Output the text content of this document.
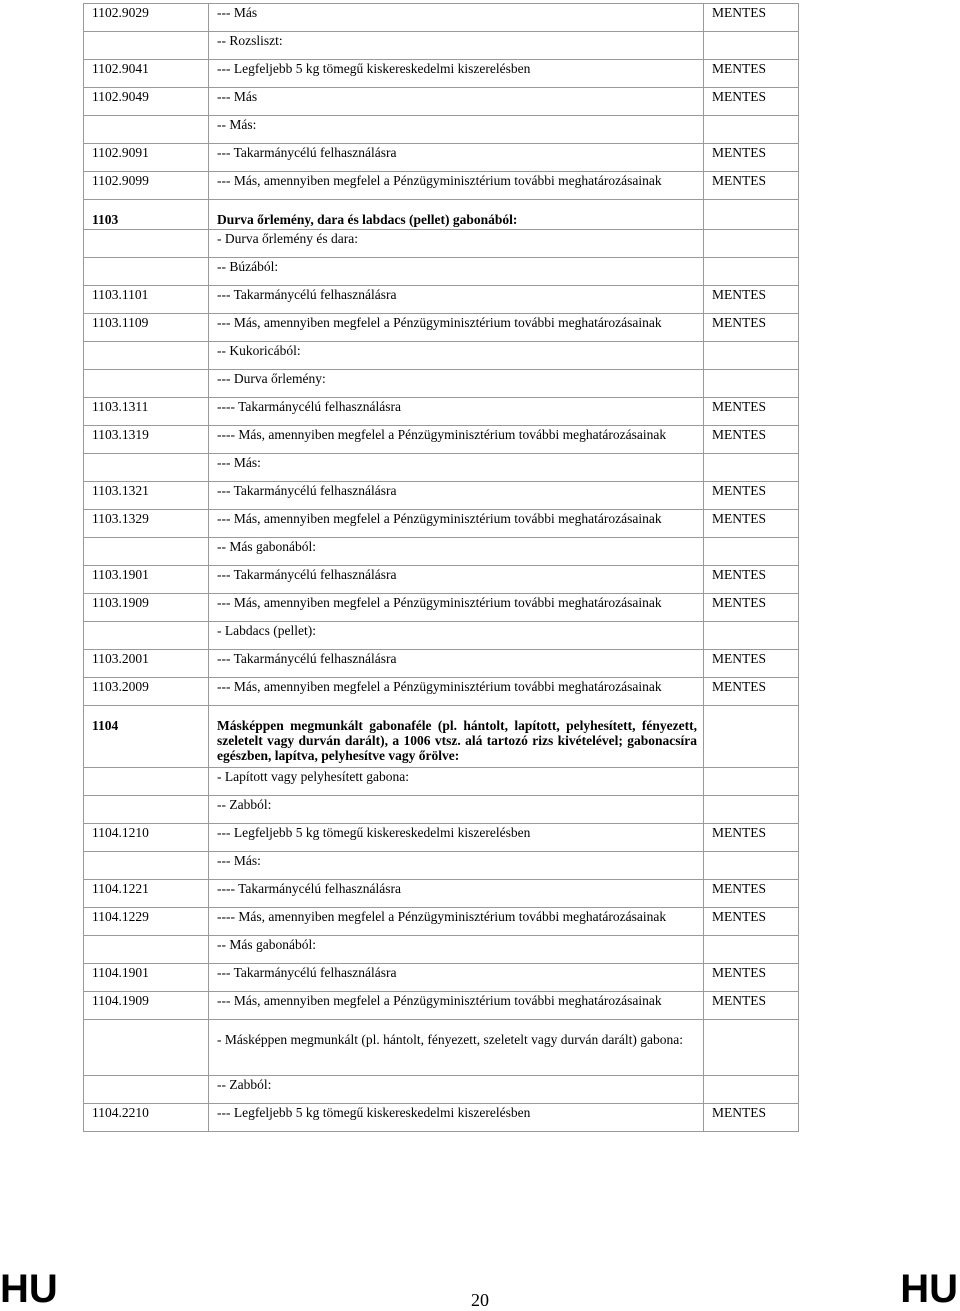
1102.9029	--- Más	MENTES
	-- Rozsliszt:	
1102.9041	--- Legfeljebb 5 kg tömegű kiskereskedelmi kiszerelésben	MENTES
1102.9049	--- Más	MENTES
	-- Más:	
1102.9091	--- Takarmánycélú felhasználásra	MENTES
1102.9099	--- Más, amennyiben megfelel a Pénzügyminisztérium további meghatározásainak	MENTES
1103	Durva őrlemény, dara és labdacs (pellet) gabonából:	
	- Durva őrlemény és dara:	
	-- Búzából:	
1103.1101	--- Takarmánycélú felhasználásra	MENTES
1103.1109	--- Más, amennyiben megfelel a Pénzügyminisztérium további meghatározásainak	MENTES
	-- Kukoricából:	
	--- Durva őrlemény:	
1103.1311	---- Takarmánycélú felhasználásra	MENTES
1103.1319	---- Más, amennyiben megfelel a Pénzügyminisztérium további meghatározásainak	MENTES
	--- Más:	
1103.1321	--- Takarmánycélú felhasználásra	MENTES
1103.1329	--- Más, amennyiben megfelel a Pénzügyminisztérium további meghatározásainak	MENTES
	-- Más gabonából:	
1103.1901	--- Takarmánycélú felhasználásra	MENTES
1103.1909	--- Más, amennyiben megfelel a Pénzügyminisztérium további meghatározásainak	MENTES
	- Labdacs (pellet):	
1103.2001	--- Takarmánycélú felhasználásra	MENTES
1103.2009	--- Más, amennyiben megfelel a Pénzügyminisztérium további meghatározásainak	MENTES
1104	Másképpen megmunkált gabonaféle (pl. hántolt, lapított, pelyhesített, fényezett, szeletelt vagy durván darált), a 1006 vtsz. alá tartozó rizs kivételével; gabonacsíra egészben, lapítva, pelyhesítve vagy őrölve:	
	- Lapított vagy pelyhesített gabona:	
	-- Zabból:	
1104.1210	--- Legfeljebb 5 kg tömegű kiskereskedelmi kiszerelésben	MENTES
	--- Más:	
1104.1221	---- Takarmánycélú felhasználásra	MENTES
1104.1229	---- Más, amennyiben megfelel a Pénzügyminisztérium további meghatározásainak	MENTES
	-- Más gabonából:	
1104.1901	--- Takarmánycélú felhasználásra	MENTES
1104.1909	--- Más, amennyiben megfelel a Pénzügyminisztérium további meghatározásainak	MENTES
	- Másképpen megmunkált (pl. hántolt, fényezett, szeletelt vagy durván darált) gabona:	
	-- Zabból:	
1104.2210	--- Legfeljebb 5 kg tömegű kiskereskedelmi kiszerelésben	MENTES
HU	20	HU
